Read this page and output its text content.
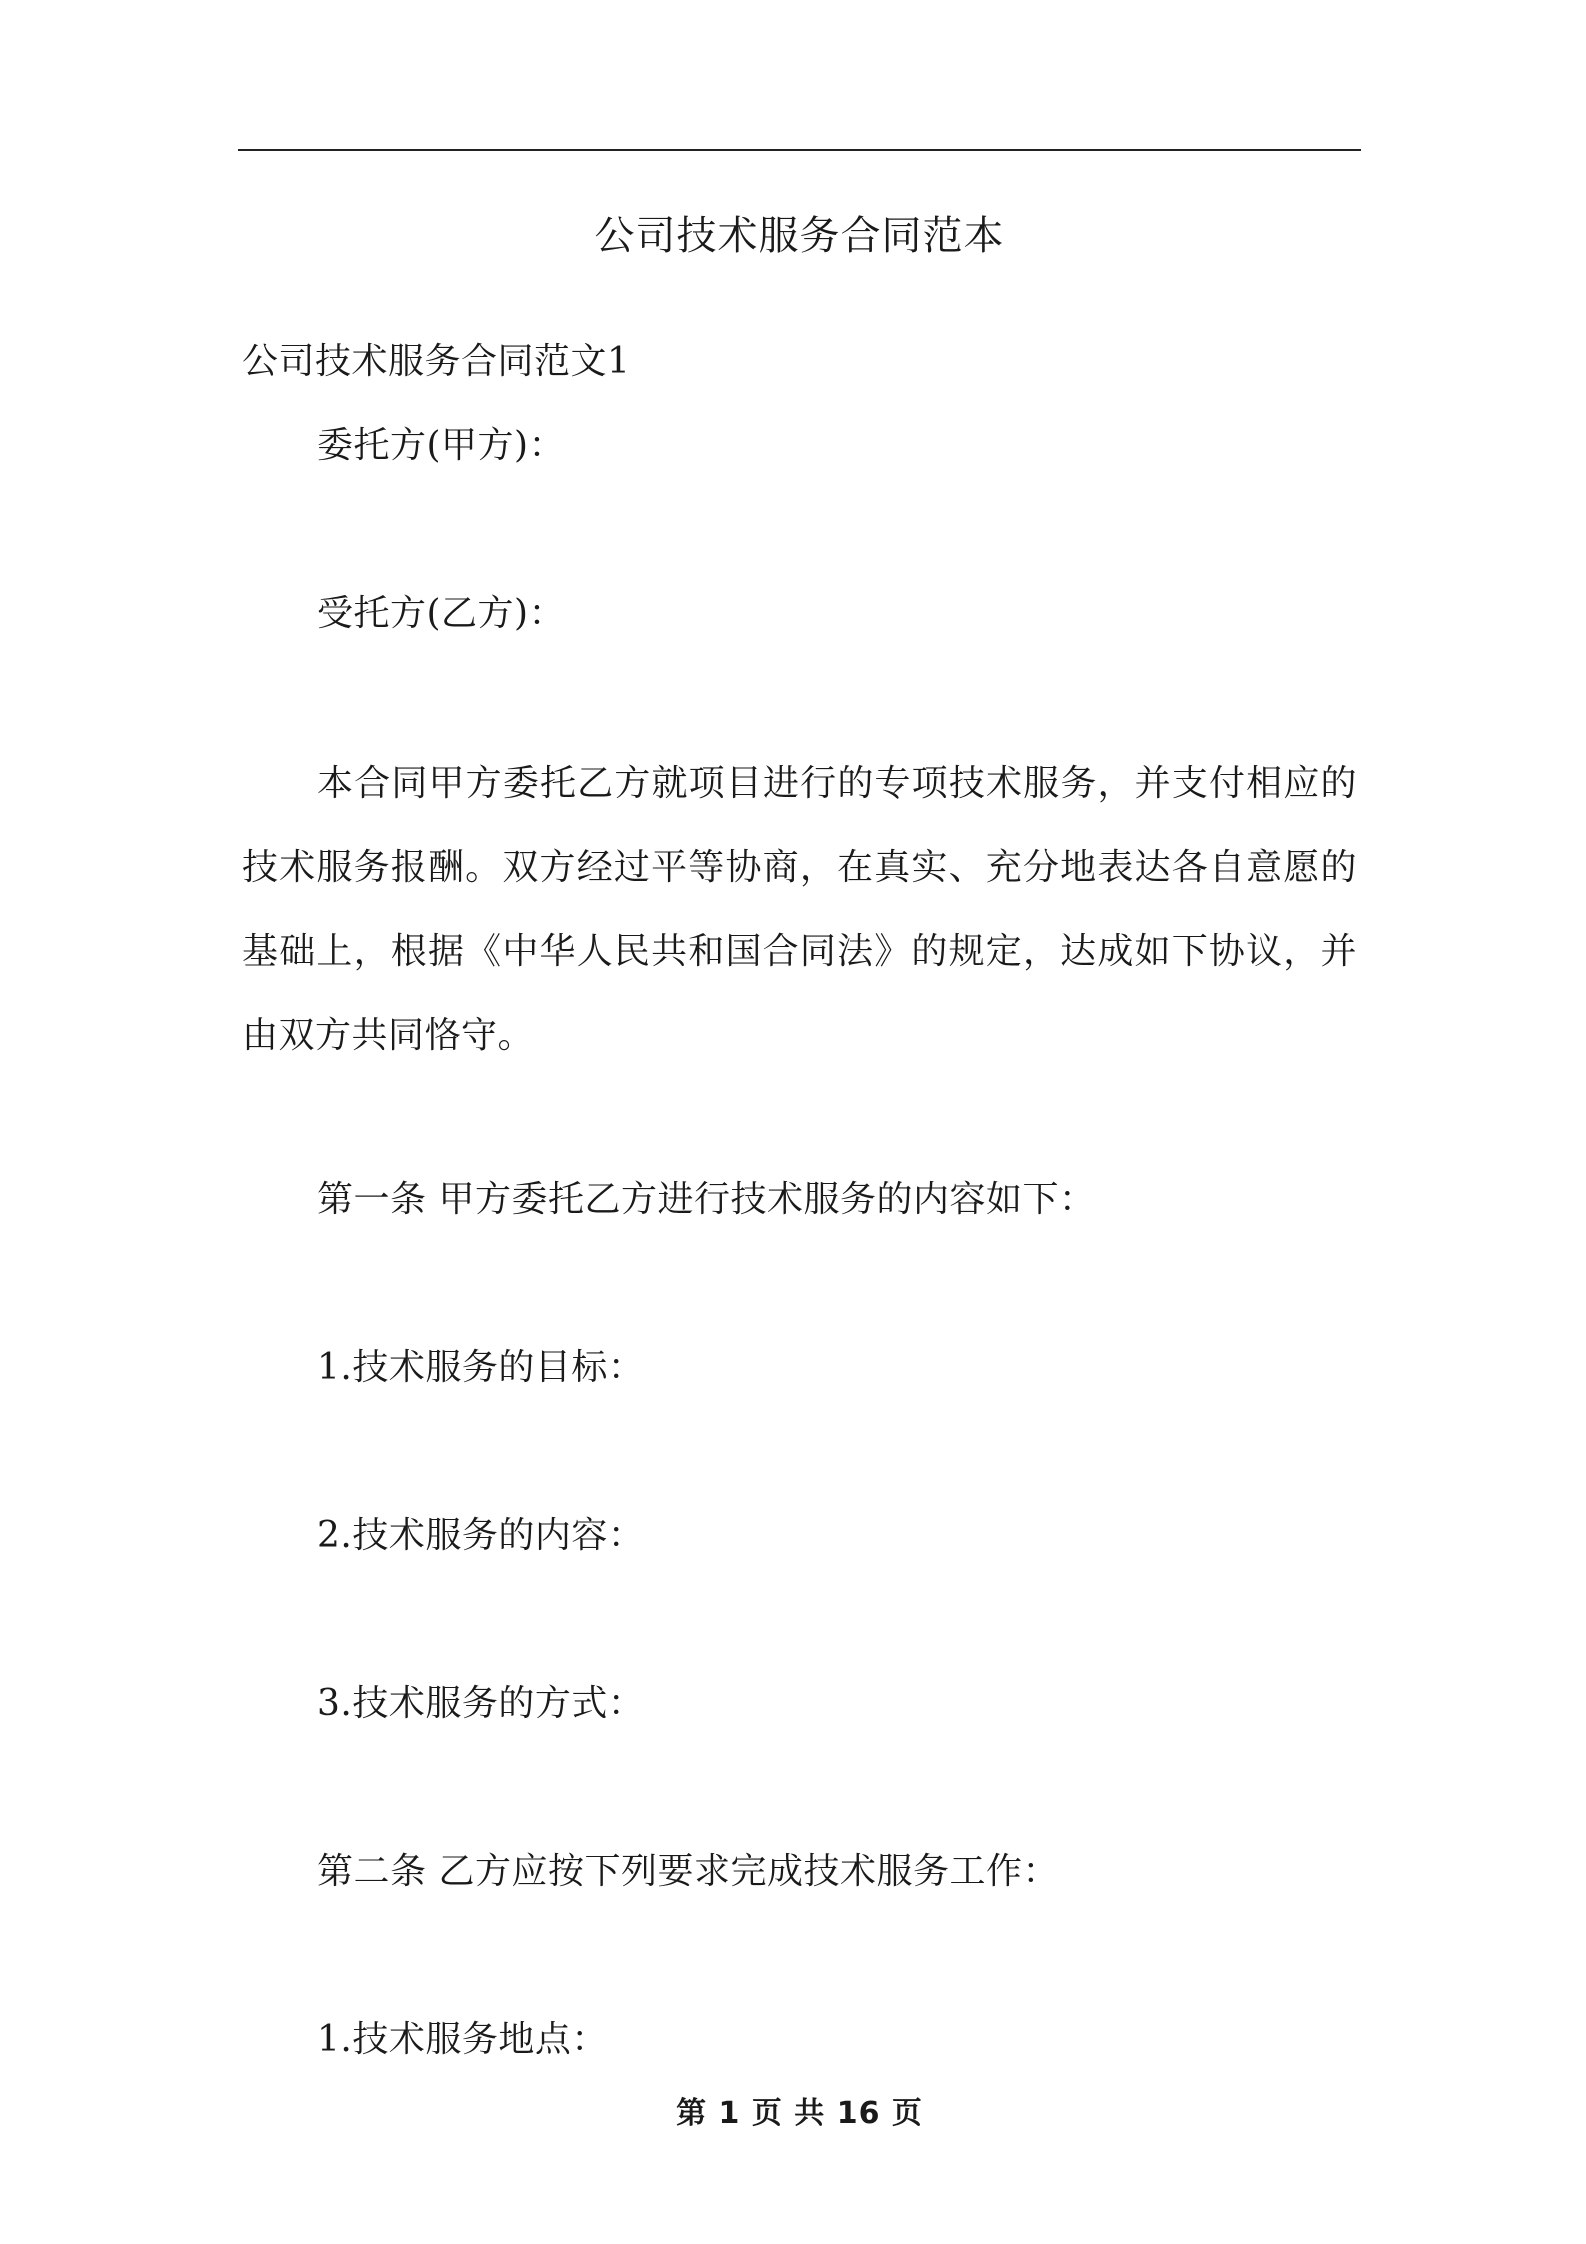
公司技术服务合同范本
公司技术服务合同范文1
委托方(甲方)：
受托方(乙方)：
本合同甲方委托乙方就项目进行的专项技术服务，并支付相应的技术服务报酬。双方经过平等协商，在真实、充分地表达各自意愿的基础上，根据《中华人民共和国合同法》的规定，达成如下协议，并由双方共同恪守。
第一条 甲方委托乙方进行技术服务的内容如下：
1.技术服务的目标：
2.技术服务的内容：
3.技术服务的方式：
第二条 乙方应按下列要求完成技术服务工作：
1.技术服务地点：
第 1 页 共 16 页
